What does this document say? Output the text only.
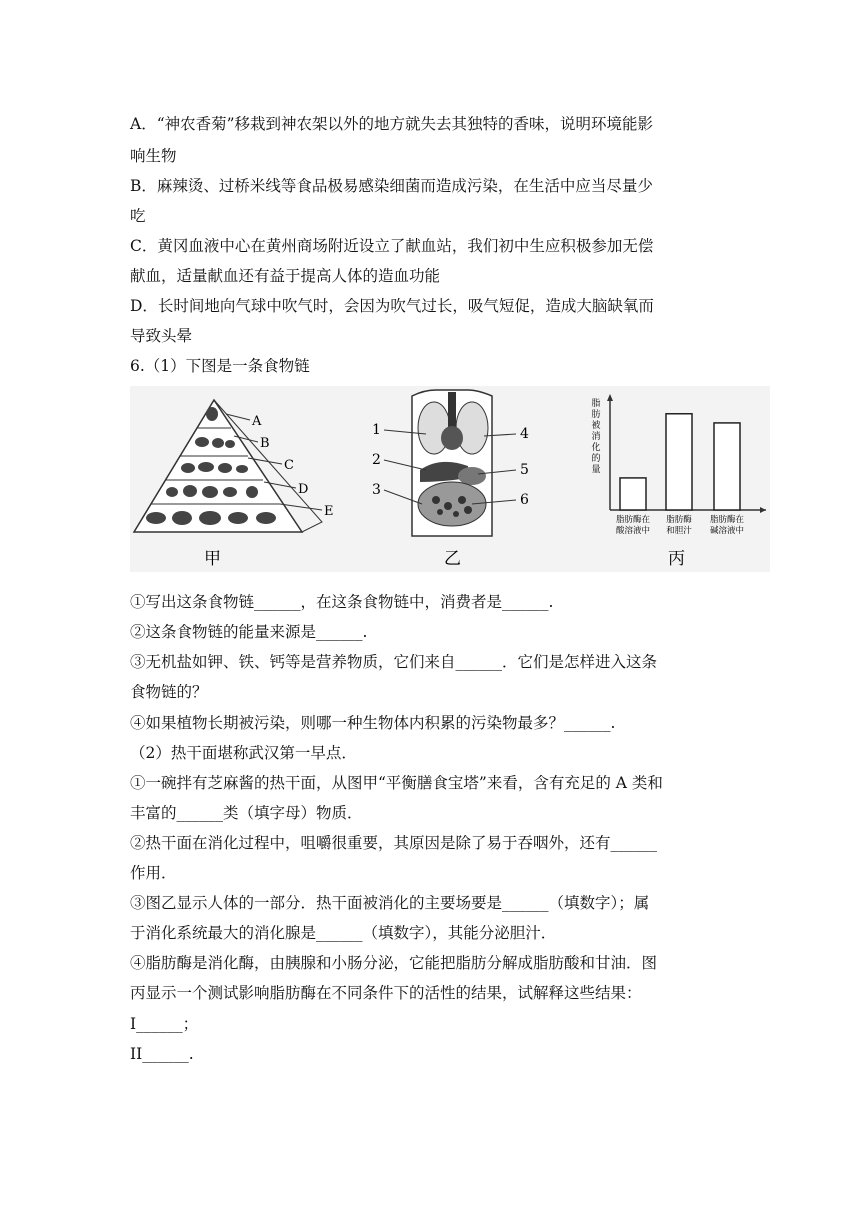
A．“神农香菊”移栽到神农架以外的地方就失去其独特的香味，说明环境能影
响生物
B．麻辣烫、过桥米线等食品极易感染细菌而造成污染，在生活中应当尽量少
吃
C．黄冈血液中心在黄州商场附近设立了献血站，我们初中生应积极参加无偿
献血，适量献血还有益于提高人体的造血功能
D．长时间地向气球中吹气时，会因为吹气过长，吸气短促，造成大脑缺氧而
导致头晕
6.（1）下图是一条食物链
A
B
C
D
E
甲
1
2
3
4
5
6
乙
脂肪被消化的量
脂肪酶在酸溶液中
脂肪酶和胆汁
脂肪酶在碱溶液中
丙
①写出这条食物链______，在这条食物链中，消费者是______.
②这条食物链的能量来源是______.
③无机盐如钾、铁、钙等是营养物质，它们来自______．它们是怎样进入这条
食物链的？
④如果植物长期被污染，则哪一种生物体内积累的污染物最多？______.
（2）热干面堪称武汉第一早点．
①一碗拌有芝麻酱的热干面，从图甲“平衡膳食宝塔”来看，含有充足的 A 类和
丰富的______类（填字母）物质．
②热干面在消化过程中，咀嚼很重要，其原因是除了易于吞咽外，还有______
作用．
③图乙显示人体的一部分．热干面被消化的主要场要是______（填数字）；属
于消化系统最大的消化腺是______（填数字），其能分泌胆汁．
④脂肪酶是消化酶，由胰腺和小肠分泌，它能把脂肪分解成脂肪酸和甘油．图
丙显示一个测试影响脂肪酶在不同条件下的活性的结果，试解释这些结果：
I______；
II______.
